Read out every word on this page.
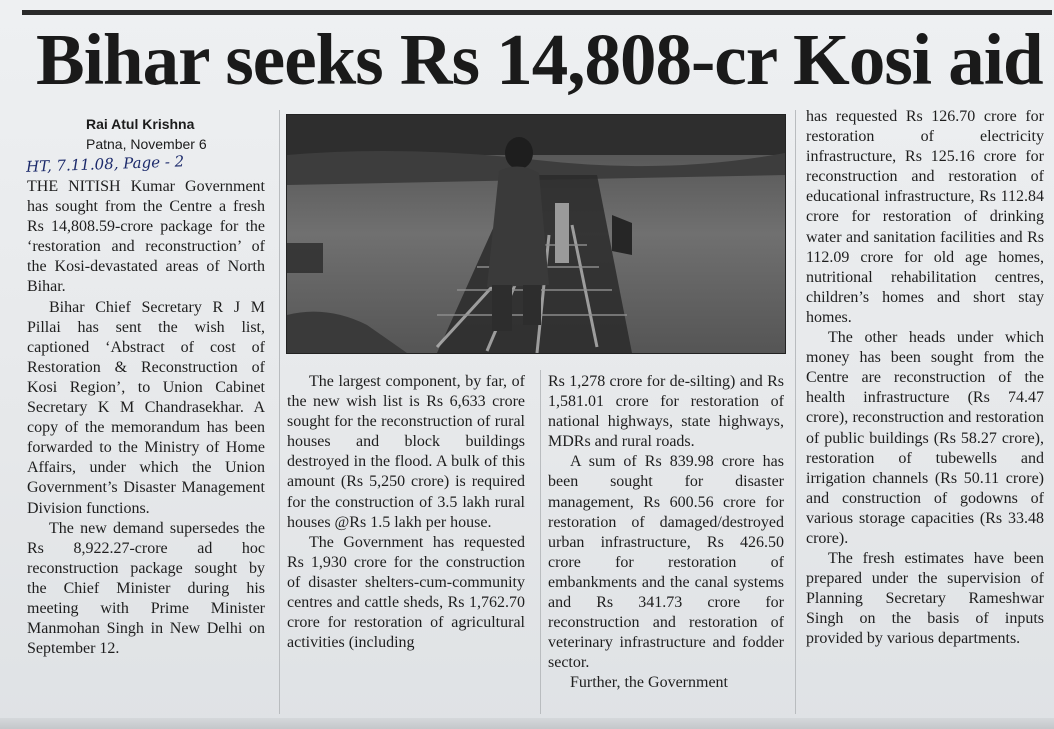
Bihar seeks Rs 14,808-cr Kosi aid
Rai Atul Krishna
Patna, November 6
HT, 7.11.08, Page - 2

THE NITISH Kumar Government has sought from the Centre a fresh Rs 14,808.59-crore package for the ‘restoration and reconstruction’ of the Kosi-devastated areas of North Bihar.

Bihar Chief Secretary R J M Pillai has sent the wish list, captioned ‘Abstract of cost of Restoration & Reconstruction of Kosi Region’, to Union Cabinet Secretary K M Chandrasekhar. A copy of the memorandum has been forwarded to the Ministry of Home Affairs, under which the Union Government’s Disaster Management Division functions.

The new demand supersedes the Rs 8,922.27-crore ad hoc reconstruction package sought by the Chief Minister during his meeting with Prime Minister Manmohan Singh in New Delhi on September 12.

The largest component, by far, of the new wish list is Rs 6,633 crore sought for the reconstruction of rural houses and block buildings destroyed in the flood. A bulk of this amount (Rs 5,250 crore) is required for the construction of 3.5 lakh rural houses @Rs 1.5 lakh per house.

The Government has requested Rs 1,930 crore for the construction of disaster shelters-cum-community centres and cattle sheds, Rs 1,762.70 crore for restoration of agricultural activities (including

Rs 1,278 crore for de-silting) and Rs 1,581.01 crore for restoration of national highways, state highways, MDRs and rural roads.

A sum of Rs 839.98 crore has been sought for disaster management, Rs 600.56 crore for restoration of damaged/destroyed urban infrastructure, Rs 426.50 crore for restoration of embankments and the canal systems and Rs 341.73 crore for reconstruction and restoration of veterinary infrastructure and fodder sector.

Further, the Government

has requested Rs 126.70 crore for restoration of electricity infrastructure, Rs 125.16 crore for reconstruction and restoration of educational infrastructure, Rs 112.84 crore for restoration of drinking water and sanitation facilities and Rs 112.09 crore for old age homes, nutritional rehabilitation centres, children’s homes and short stay homes.

The other heads under which money has been sought from the Centre are reconstruction of the health infrastructure (Rs 74.47 crore), reconstruction and restoration of public buildings (Rs 58.27 crore), restoration of tubewells and irrigation channels (Rs 50.11 crore) and construction of godowns of various storage capacities (Rs 33.48 crore).

The fresh estimates have been prepared under the supervision of Planning Secretary Rameshwar Singh on the basis of inputs provided by various departments.
